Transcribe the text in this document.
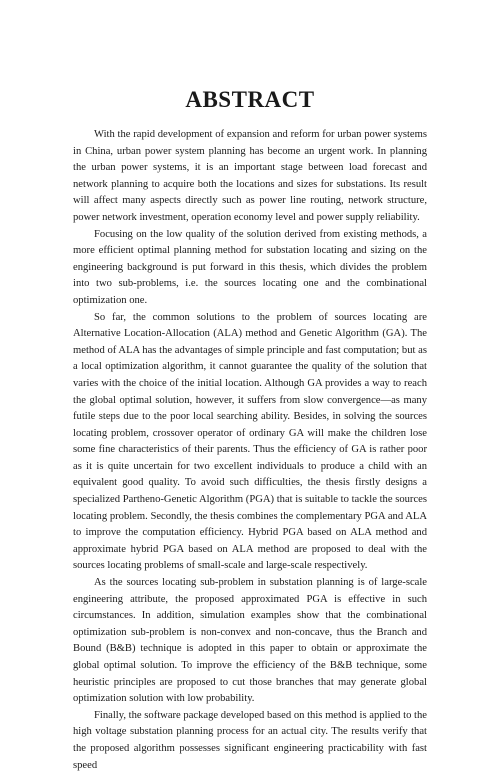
ABSTRACT

With the rapid development of expansion and reform for urban power systems in China, urban power system planning has become an urgent work. In planning the urban power systems, it is an important stage between load forecast and network planning to acquire both the locations and sizes for substations. Its result will affect many aspects directly such as power line routing, network structure, power network investment, operation economy level and power supply reliability.

Focusing on the low quality of the solution derived from existing methods, a more efficient optimal planning method for substation locating and sizing on the engineering background is put forward in this thesis, which divides the problem into two sub-problems, i.e. the sources locating one and the combinational optimization one.

So far, the common solutions to the problem of sources locating are Alternative Location-Allocation (ALA) method and Genetic Algorithm (GA). The method of ALA has the advantages of simple principle and fast computation; but as a local optimization algorithm, it cannot guarantee the quality of the solution that varies with the choice of the initial location. Although GA provides a way to reach the global optimal solution, however, it suffers from slow convergence—as many futile steps due to the poor local searching ability. Besides, in solving the sources locating problem, crossover operator of ordinary GA will make the children lose some fine characteristics of their parents. Thus the efficiency of GA is rather poor as it is quite uncertain for two excellent individuals to produce a child with an equivalent good quality. To avoid such difficulties, the thesis firstly designs a specialized Partheno-Genetic Algorithm (PGA) that is suitable to tackle the sources locating problem. Secondly, the thesis combines the complementary PGA and ALA to improve the computation efficiency. Hybrid PGA based on ALA method and approximate hybrid PGA based on ALA method are proposed to deal with the sources locating problems of small-scale and large-scale respectively.

As the sources locating sub-problem in substation planning is of large-scale engineering attribute, the proposed approximated PGA is effective in such circumstances. In addition, simulation examples show that the combinational optimization sub-problem is non-convex and non-concave, thus the Branch and Bound (B&B) technique is adopted in this paper to obtain or approximate the global optimal solution. To improve the efficiency of the B&B technique, some heuristic principles are proposed to cut those branches that may generate global optimization solution with low probability.

Finally, the software package developed based on this method is applied to the high voltage substation planning process for an actual city. The results verify that the proposed algorithm possesses significant engineering practicability with fast speed
